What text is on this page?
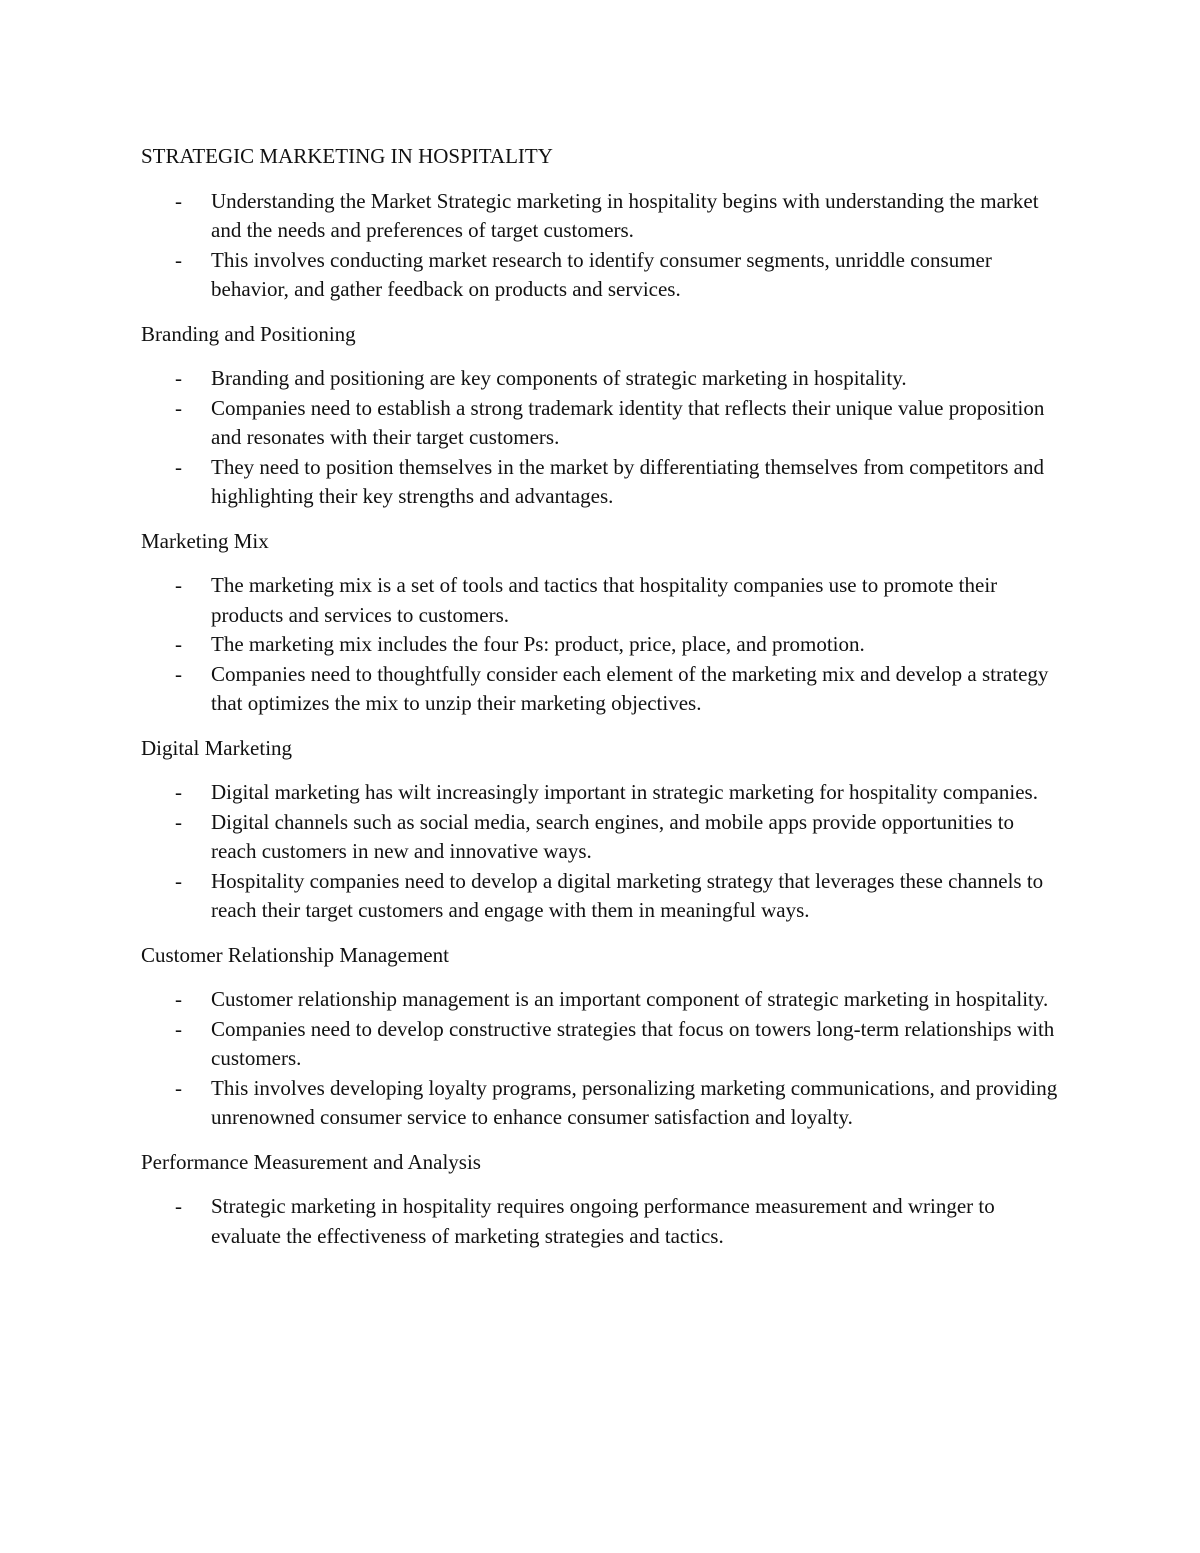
STRATEGIC MARKETING IN HOSPITALITY
- Understanding the Market Strategic marketing in hospitality begins with understanding the market and the needs and preferences of target customers.
- This involves conducting market research to identify consumer segments, unriddle consumer behavior, and gather feedback on products and services.
Branding and Positioning
- Branding and positioning are key components of strategic marketing in hospitality.
- Companies need to establish a strong trademark identity that reflects their unique value proposition and resonates with their target customers.
- They need to position themselves in the market by differentiating themselves from competitors and highlighting their key strengths and advantages.
Marketing Mix
- The marketing mix is a set of tools and tactics that hospitality companies use to promote their products and services to customers.
- The marketing mix includes the four Ps: product, price, place, and promotion.
- Companies need to thoughtfully consider each element of the marketing mix and develop a strategy that optimizes the mix to unzip their marketing objectives.
Digital Marketing
- Digital marketing has wilt increasingly important in strategic marketing for hospitality companies.
- Digital channels such as social media, search engines, and mobile apps provide opportunities to reach customers in new and innovative ways.
- Hospitality companies need to develop a digital marketing strategy that leverages these channels to reach their target customers and engage with them in meaningful ways.
Customer Relationship Management
- Customer relationship management is an important component of strategic marketing in hospitality.
- Companies need to develop constructive strategies that focus on towers long-term relationships with customers.
- This involves developing loyalty programs, personalizing marketing communications, and providing unrenowned consumer service to enhance consumer satisfaction and loyalty.
Performance Measurement and Analysis
- Strategic marketing in hospitality requires ongoing performance measurement and wringer to evaluate the effectiveness of marketing strategies and tactics.
